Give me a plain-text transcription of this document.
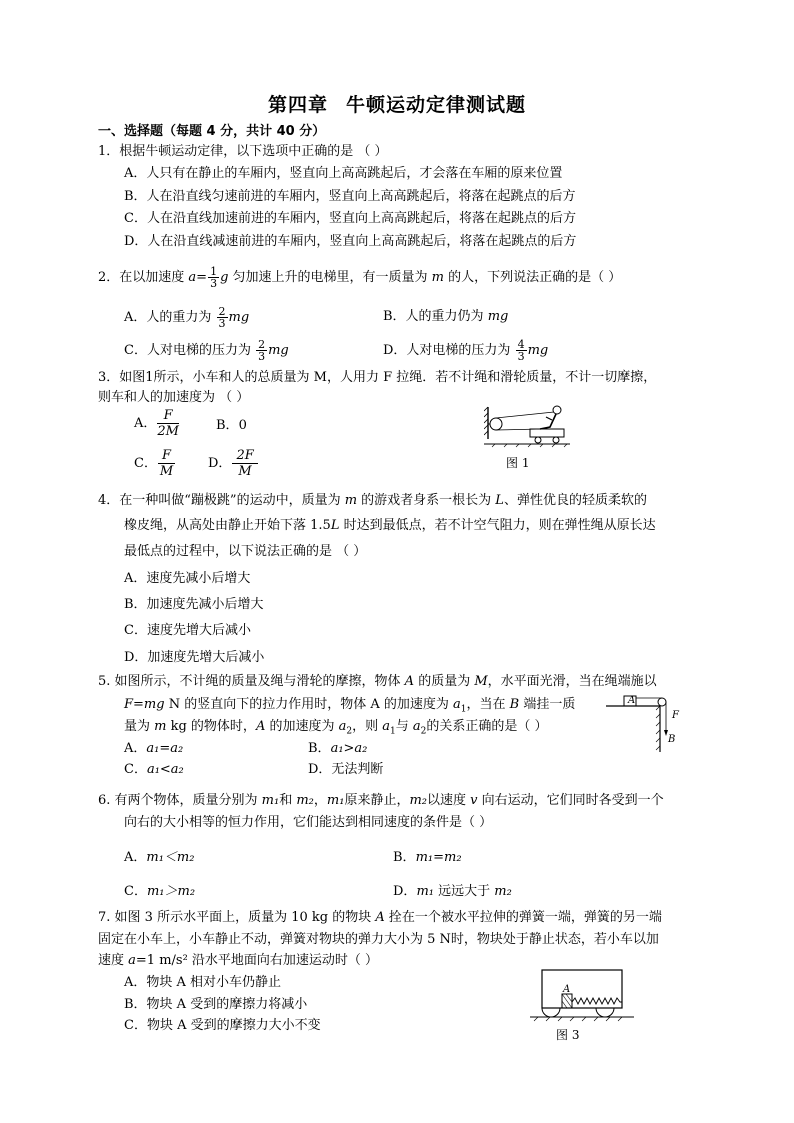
第四章 牛顿运动定律测试题
一、选择题（每题 4 分，共计 40 分）
1．根据牛顿运动定律，以下选项中正确的是 （ ）
A．人只有在静止的车厢内，竖直向上高高跳起后，才会落在车厢的原来位置
B．人在沿直线匀速前进的车厢内，竖直向上高高跳起后，将落在起跳点的后方
C．人在沿直线加速前进的车厢内，竖直向上高高跳起后，将落在起跳点的后方
D．人在沿直线减速前进的车厢内，竖直向上高高跳起后，将落在起跳点的后方
2．在以加速度 $a= \frac{1}{3}$ g 匀加速上升的电梯里，有一质量为 m 的人，下列说法正确的是（ ）
A．人的重力为 $\frac{2}{3}$ mg	B．人的重力仍为 mg
C．人对电梯的压力为 $\frac{2}{3}$ mg	D．人对电梯的压力为 $\frac{4}{3}$ mg
3．如图1所示，小车和人的总质量为 M，人用力 F 拉绳．若不计绳和滑轮质量，不计一切摩擦，
则车和人的加速度为 （ ）
A． $\frac{F}{2M}$	B．0
C． $\frac{F}{M}$	D． $\frac{2F}{M}$	图 1
4．在一种叫做“蹦极跳”的运动中，质量为 m 的游戏者身系一根长为 L、弹性优良的轻质柔软的
橡皮绳，从高处由静止开始下落 1.5L 时达到最低点，若不计空气阻力，则在弹性绳从原长达
最低点的过程中，以下说法正确的是 （ ）
A．速度先减小后增大
B．加速度先减小后增大
C．速度先增大后减小
D．加速度先增大后减小
5. 如图所示，不计绳的质量及绳与滑轮的摩擦，物体 A 的质量为 M，水平面光滑，当在绳端施以
F=mg N 的竖直向下的拉力作用时，物体 A 的加速度为 $a_1$，当在 B 端挂一质
量为 m kg 的物体时，A 的加速度为 $a_2$，则 $a_1$与 $a_2$的关系正确的是（ ）
A．a₁=a₂	B．a₁>a₂
C．a₁<a₂	D．无法判断
A
F
B
6. 有两个物体，质量分别为 m₁和 m₂，m₁原来静止，m₂以速度 v 向右运动，它们同时各受到一个
向右的大小相等的恒力作用，它们能达到相同速度的条件是（ ）
A．m₁＜m₂	B．m₁=m₂
C．m₁＞m₂	D．m₁ 远远大于 m₂
7. 如图 3 所示水平面上，质量为 10 kg 的物块 A 拴在一个被水平拉伸的弹簧一端，弹簧的另一端
固定在小车上，小车静止不动，弹簧对物块的弹力大小为 5 N时，物块处于静止状态，若小车以加
速度 a=1 m/s² 沿水平地面向右加速运动时（ ）
A．物块 A 相对小车仍静止
B．物块 A 受到的摩擦力将减小
C．物块 A 受到的摩擦力大小不变
A
图 3
